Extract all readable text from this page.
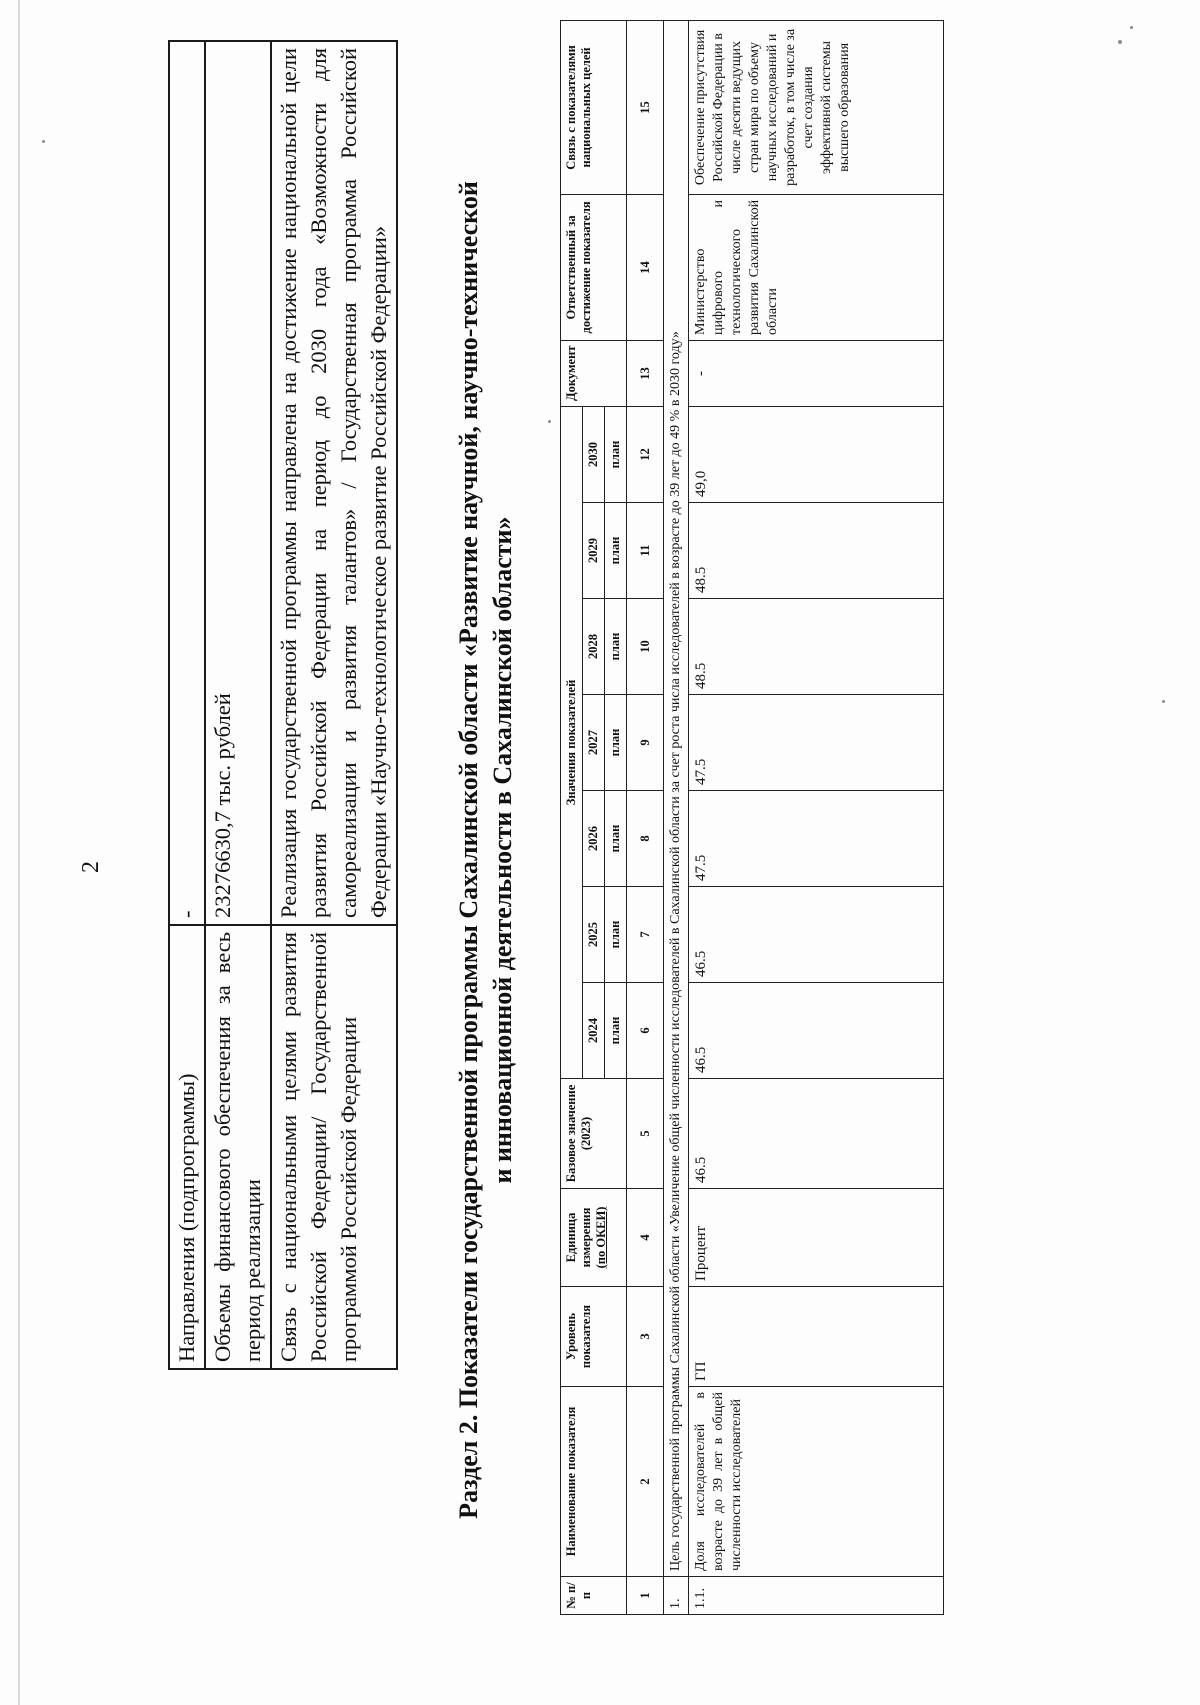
2
Направления (подпрограммы)	-
Объемы финансового обеспечения за весь период реализации	23276630,7 тыс. рублей
Связь с национальными целями развития Российской Федерации/ Государственной программой Российской Федерации	Реализация государственной программы направлена на достижение национальной цели развития Российской Федерации на период до 2030 года «Возможности для самореализации и развития талантов» / Государственная программа Российской Федерации «Научно-технологическое развитие Российской Федерации» Раздел 2. Показатели государственной программы Сахалинской области «Развитие научной, научно-технической и инновационной деятельности в Сахалинской области»
№ п/п	Наименование показателя	Уровень показателя	Единица измерения (по ОКЕИ)	Базовое значение (2023)	Значения показателей							Документ	Ответственный за достижение показателя	Связь с показателями национальных целей
					2024	2025	2026	2027	2028	2029	2030			
					план	план	план	план	план	план	план			
1	2	3	4	5	6	7	8	9	10	11	12	13	14	15
1.	Цель государственной программы Сахалинской области «Увеличение общей численности исследователей в Сахалинской области за счет роста числа исследователей в возрасте до 39 лет до 49 % в 2030 году»													
1.1.	Доля исследователей в возрасте до 39 лет в общей численности исследователей	ГП	Процент	46.5	46.5	46.5	47.5	47.5	48.5	48.5	49,0	-	Министерство цифрового и технологического развития Сахалинской области	Обеспечение присутствия Российской Федерации в числе десяти ведущих стран мира по объему научных исследований и разработок, в том числе за счет создания эффективной системы высшего образования
